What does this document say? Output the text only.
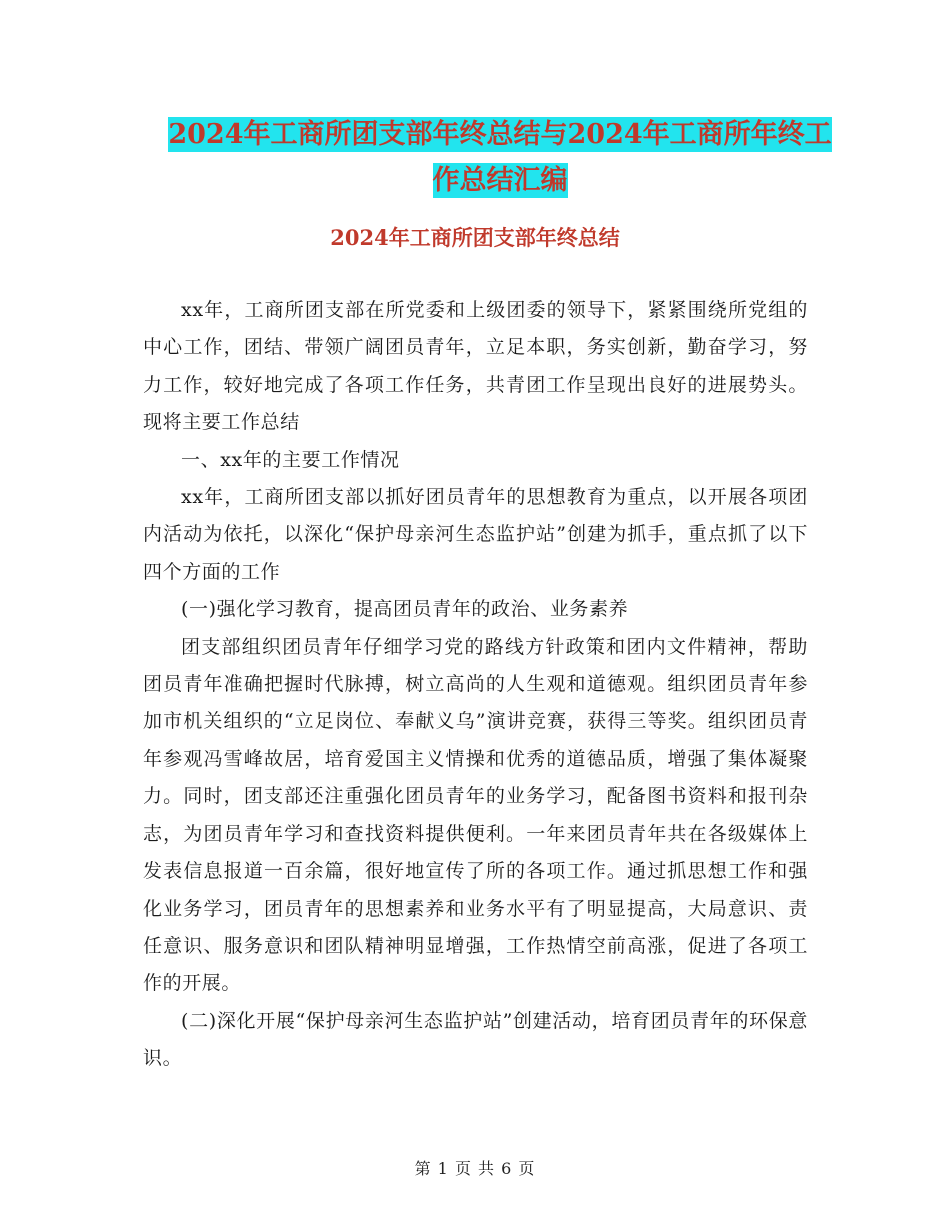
2024年工商所团支部年终总结与2024年工商所年终工
作总结汇编
2024年工商所团支部年终总结

xx年，工商所团支部在所党委和上级团委的领导下，紧紧围绕所党组的中心工作，团结、带领广阔团员青年，立足本职，务实创新，勤奋学习，努力工作，较好地完成了各项工作任务，共青团工作呈现出良好的进展势头。现将主要工作总结

一、xx年的主要工作情况

xx年，工商所团支部以抓好团员青年的思想教育为重点，以开展各项团内活动为依托，以深化“保护母亲河生态监护站”创建为抓手，重点抓了以下四个方面的工作

(一)强化学习教育，提高团员青年的政治、业务素养

团支部组织团员青年仔细学习党的路线方针政策和团内文件精神，帮助团员青年准确把握时代脉搏，树立高尚的人生观和道德观。组织团员青年参加市机关组织的“立足岗位、奉献义乌”演讲竞赛，获得三等奖。组织团员青年参观冯雪峰故居，培育爱国主义情操和优秀的道德品质，增强了集体凝聚力。同时，团支部还注重强化团员青年的业务学习，配备图书资料和报刊杂志，为团员青年学习和查找资料提供便利。一年来团员青年共在各级媒体上发表信息报道一百余篇，很好地宣传了所的各项工作。通过抓思想工作和强化业务学习，团员青年的思想素养和业务水平有了明显提高，大局意识、责任意识、服务意识和团队精神明显增强，工作热情空前高涨，促进了各项工作的开展。

(二)深化开展“保护母亲河生态监护站”创建活动，培育团员青年的环保意识。

第 1 页 共 6 页
